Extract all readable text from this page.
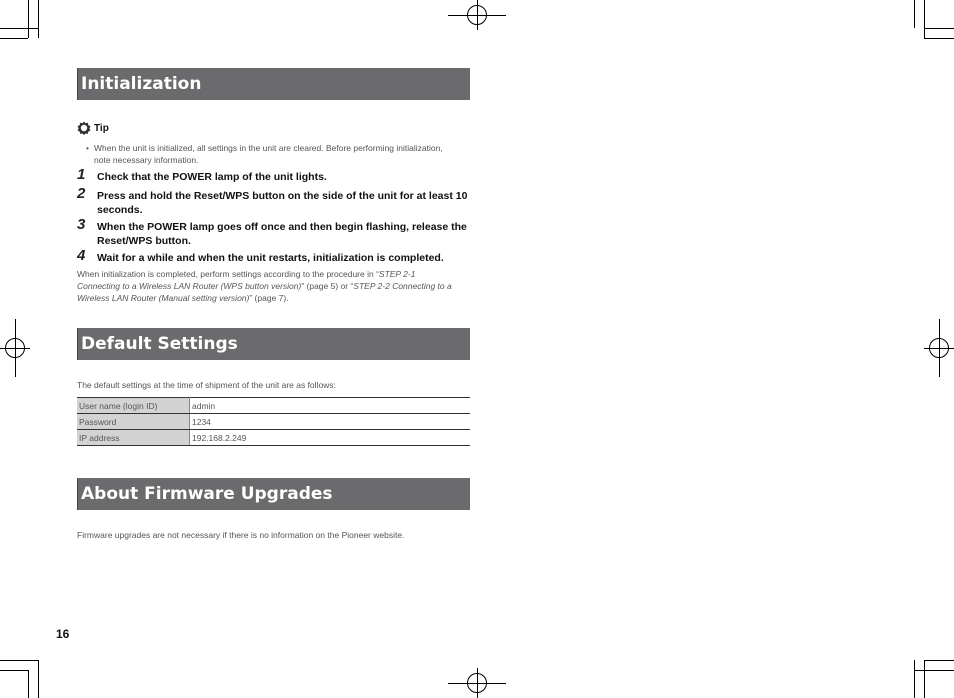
Initialization
Tip
• When the unit is initialized, all settings in the unit are cleared. Before performing initialization, note necessary information.
1 Check that the POWER lamp of the unit lights.
2 Press and hold the Reset/WPS button on the side of the unit for at least 10 seconds.
3 When the POWER lamp goes off once and then begin flashing, release the Reset/WPS button.
4 Wait for a while and when the unit restarts, initialization is completed.
When initialization is completed, perform settings according to the procedure in “STEP 2-1 Connecting to a Wireless LAN Router (WPS button version)” (page 5) or “STEP 2-2 Connecting to a Wireless LAN Router (Manual setting version)” (page 7).
Default Settings
The default settings at the time of shipment of the unit are as follows:
User name (login ID)	admin
Password	1234
IP address	192.168.2.249
About Firmware Upgrades
Firmware upgrades are not necessary if there is no information on the Pioneer website.
16
